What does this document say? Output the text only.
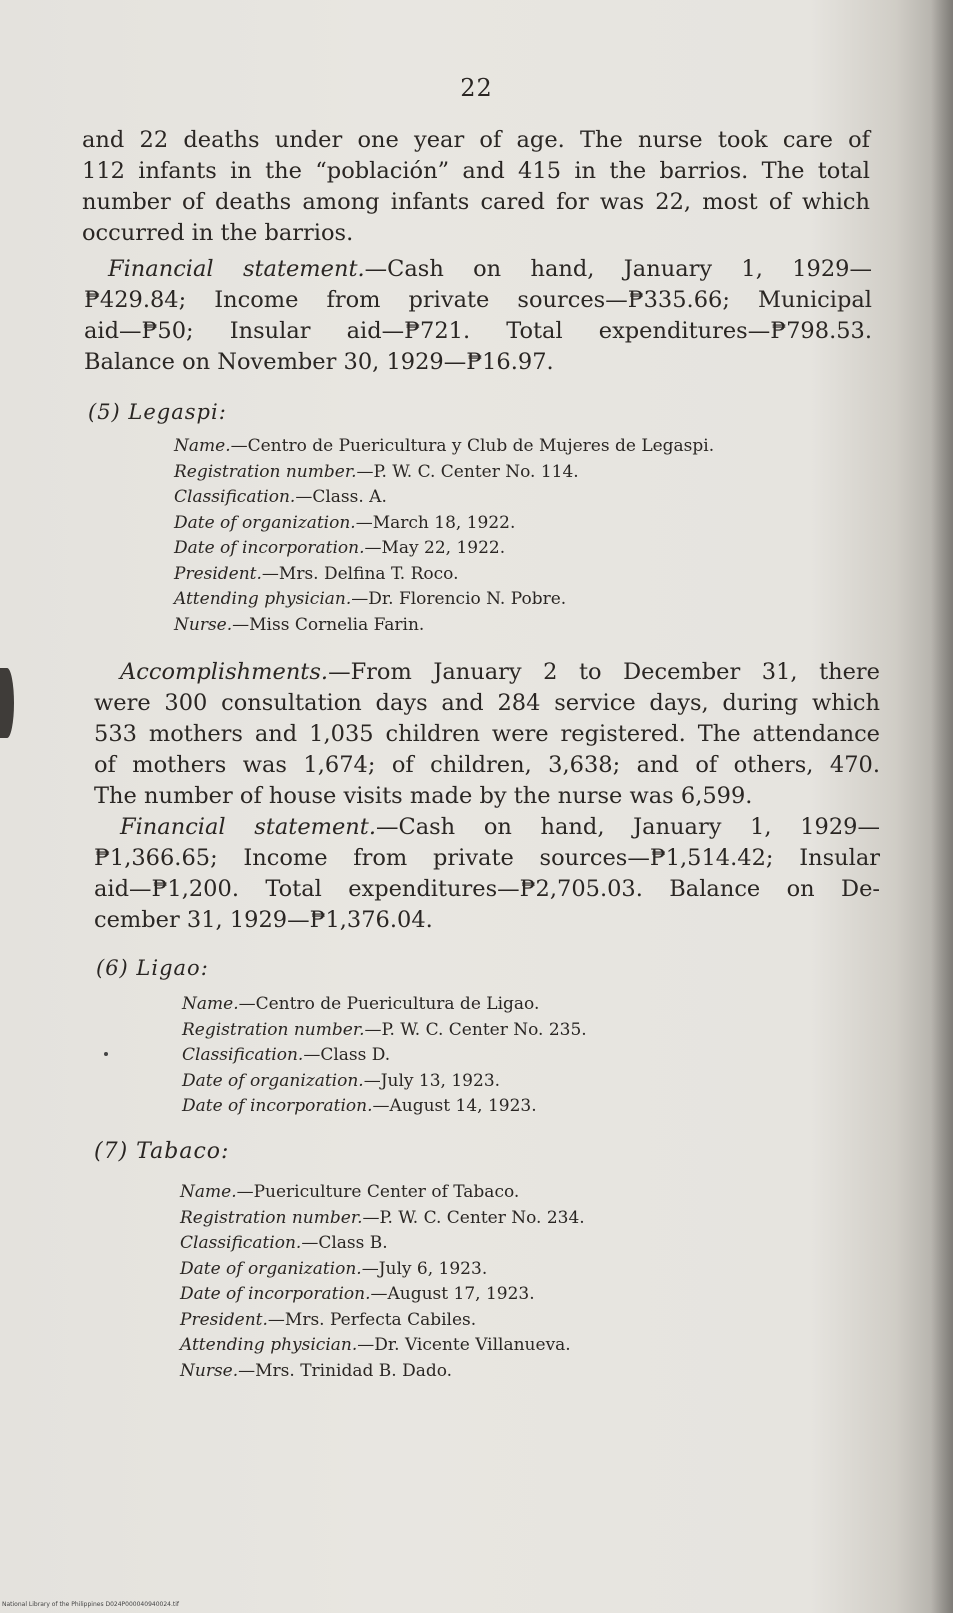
22

and 22 deaths under one year of age. The nurse took care of
112 infants in the “población” and 415 in the barrios. The total
number of deaths among infants cared for was 22, most of which
occurred in the barrios.

Financial statement.—Cash on hand, January 1, 1929—
₱429.84; Income from private sources—₱335.66; Municipal
aid—₱50; Insular aid—₱721. Total expenditures—₱798.53.
Balance on November 30, 1929—₱16.97.

(5) Legaspi:
Name.—Centro de Puericultura y Club de Mujeres de Legaspi.
Registration number.—P. W. C. Center No. 114.
Classification.—Class. A.
Date of organization.—March 18, 1922.
Date of incorporation.—May 22, 1922.
President.—Mrs. Delfina T. Roco.
Attending physician.—Dr. Florencio N. Pobre.
Nurse.—Miss Cornelia Farin.

Accomplishments.—From January 2 to December 31, there
were 300 consultation days and 284 service days, during which
533 mothers and 1,035 children were registered. The attendance
of mothers was 1,674; of children, 3,638; and of others, 470.
The number of house visits made by the nurse was 6,599.

Financial statement.—Cash on hand, January 1, 1929—
₱1,366.65; Income from private sources—₱1,514.42; Insular
aid—₱1,200. Total expenditures—₱2,705.03. Balance on De-
cember 31, 1929—₱1,376.04.

(6) Ligao:
Name.—Centro de Puericultura de Ligao.
Registration number.—P. W. C. Center No. 235.
Classification.—Class D.
Date of organization.—July 13, 1923.
Date of incorporation.—August 14, 1923.
(7) Tabaco:
Name.—Puericulture Center of Tabaco.
Registration number.—P. W. C. Center No. 234.
Classification.—Class B.
Date of organization.—July 6, 1923.
Date of incorporation.—August 17, 1923.
President.—Mrs. Perfecta Cabiles.
Attending physician.—Dr. Vicente Villanueva.
Nurse.—Mrs. Trinidad B. Dado.
National Library of the Philippines D024P000040940024.tif
